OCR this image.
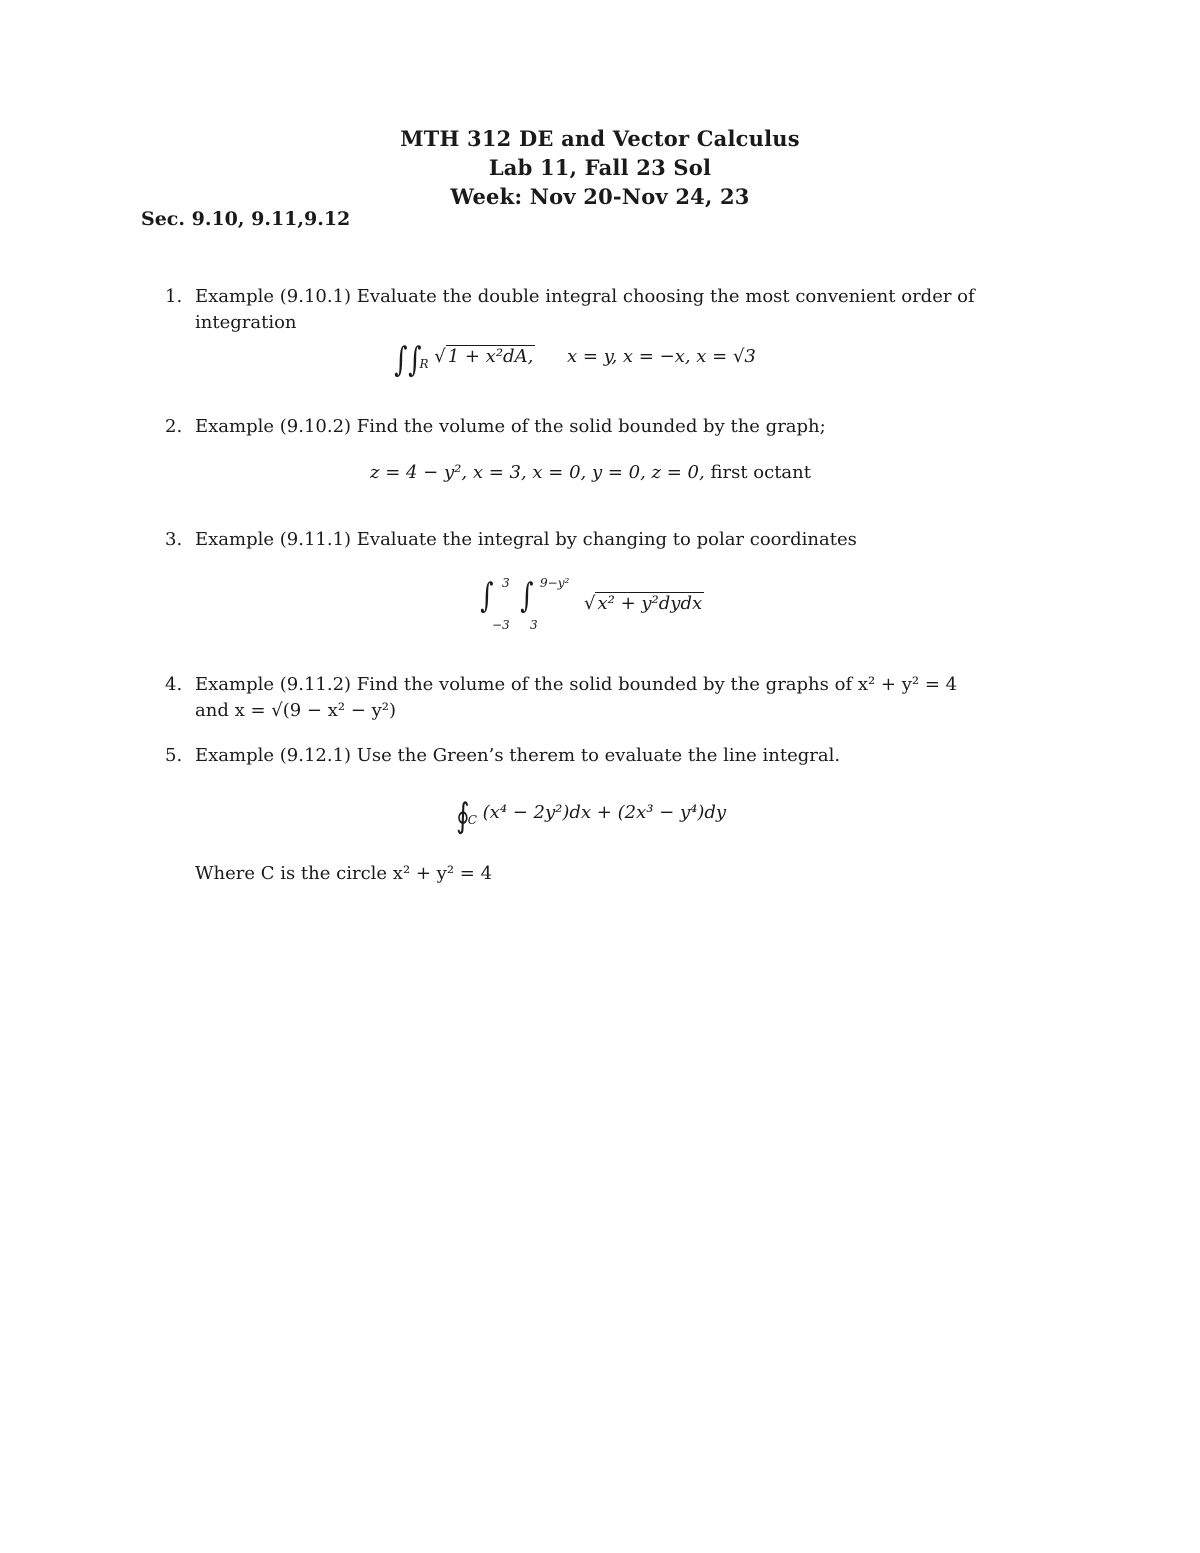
MTH 312 DE and Vector Calculus
Lab 11, Fall 23 Sol
Week: Nov 20-Nov 24, 23
Sec. 9.10, 9.11,9.12
1. Example (9.10.1) Evaluate the double integral choosing the most convenient order of integration
$\int\int_R$ √ 1 + x²dA, x = y, x = −x, x = √3
2. Example (9.10.2) Find the volume of the solid bounded by the graph;
z = 4 − y², x = 3, x = 0, y = 0, z = 0, first octant
3. Example (9.11.1) Evaluate the integral by changing to polar coordinates
∫ 3
−3
∫ 9−y²
3
√ x² + y²dydx
4. Example (9.11.2) Find the volume of the solid bounded by the graphs of x² + y² = 4
and x = √(9 − x² − y²)
5. Example (9.12.1) Use the Green’s therem to evaluate the line integral.
$∮_C$ (x⁴ − 2y²)dx + (2x³ − y⁴)dy
Where C is the circle x² + y² = 4
